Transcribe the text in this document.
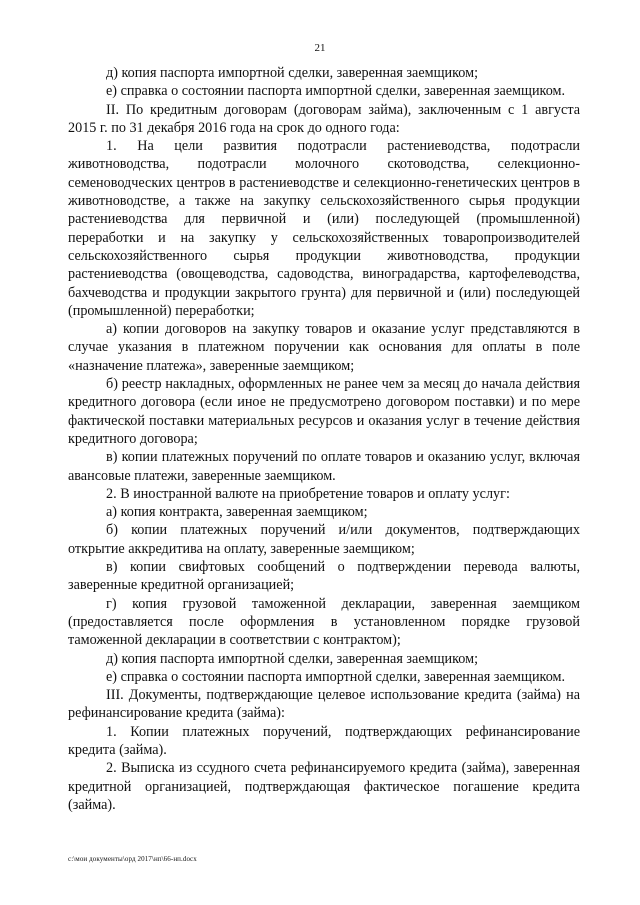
21

д) копия паспорта импортной сделки, заверенная заемщиком;

е) справка о состоянии паспорта импортной сделки, заверенная заемщиком.

II. По кредитным договорам (договорам займа), заключенным с 1 августа 2015 г. по 31 декабря 2016 года на срок до одного года:

1. На цели развития подотрасли растениеводства, подотрасли животноводства, подотрасли молочного скотоводства, селекционно-семеноводческих центров в растениеводстве и селекционно-генетических центров в животноводстве, а также на закупку сельскохозяйственного сырья продукции растениеводства для первичной и (или) последующей (промышленной) переработки и на закупку у сельскохозяйственных товаропроизводителей сельскохозяйственного сырья продукции животноводства, продукции растениеводства (овощеводства, садоводства, виноградарства, картофелеводства, бахчеводства и продукции закрытого грунта) для первичной и (или) последующей (промышленной) переработки;

а) копии договоров на закупку товаров и оказание услуг представляются в случае указания в платежном поручении как основания для оплаты в поле «назначение платежа», заверенные заемщиком;

б) реестр накладных, оформленных не ранее чем за месяц до начала действия кредитного договора (если иное не предусмотрено договором поставки) и по мере фактической поставки материальных ресурсов и оказания услуг в течение действия кредитного договора;

в) копии платежных поручений по оплате товаров и оказанию услуг, включая авансовые платежи, заверенные заемщиком.

2. В иностранной валюте на приобретение товаров и оплату услуг:

а) копия контракта, заверенная заемщиком;

б) копии платежных поручений и/или документов, подтверждающих открытие аккредитива на оплату, заверенные заемщиком;

в) копии свифтовых сообщений о подтверждении перевода валюты, заверенные кредитной организацией;

г) копия грузовой таможенной декларации, заверенная заемщиком (предоставляется после оформления в установленном порядке грузовой таможенной декларации в соответствии с контрактом);

д) копия паспорта импортной сделки, заверенная заемщиком;

е) справка о состоянии паспорта импортной сделки, заверенная заемщиком.

III. Документы, подтверждающие целевое использование кредита (займа) на рефинансирование кредита (займа):

1. Копии платежных поручений, подтверждающих рефинансирование кредита (займа).

2. Выписка из ссудного счета рефинансируемого кредита (займа), заверенная кредитной организацией, подтверждающая фактическое погашение кредита (займа).

c:\мои документы\орд 2017\нп\66-нп.docx
